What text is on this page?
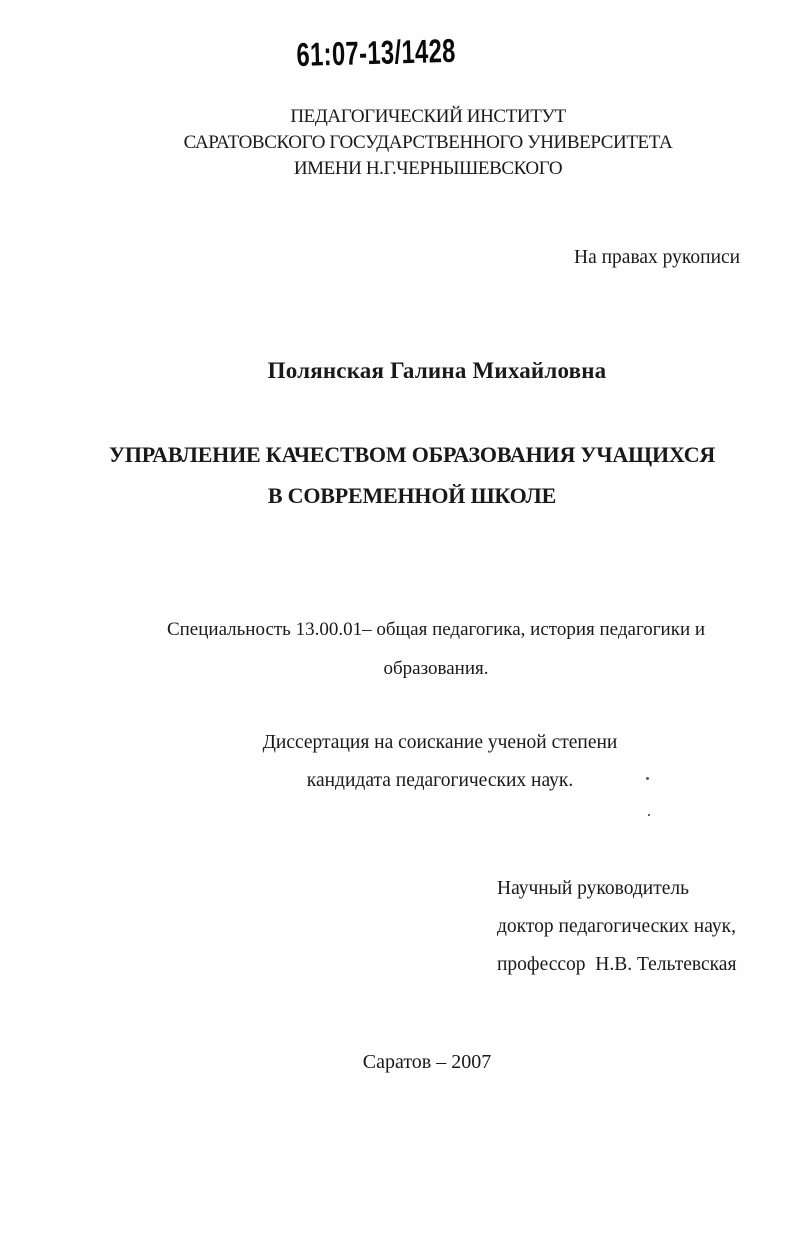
61:07-13/1428
ПЕДАГОГИЧЕСКИЙ ИНСТИТУТ
САРАТОВСКОГО ГОСУДАРСТВЕННОГО УНИВЕРСИТЕТА
ИМЕНИ Н.Г.ЧЕРНЫШЕВСКОГО
На правах рукописи
Полянская Галина Михайловна
УПРАВЛЕНИЕ КАЧЕСТВОМ ОБРАЗОВАНИЯ УЧАЩИХСЯ
В СОВРЕМЕННОЙ ШКОЛЕ
Специальность 13.00.01– общая педагогика, история педагогики и
образования.
Диссертация на соискание ученой степени
кандидата педагогических наук.
Научный руководитель
доктор педагогических наук,
профессор  Н.В. Тельтевская
Саратов – 2007
